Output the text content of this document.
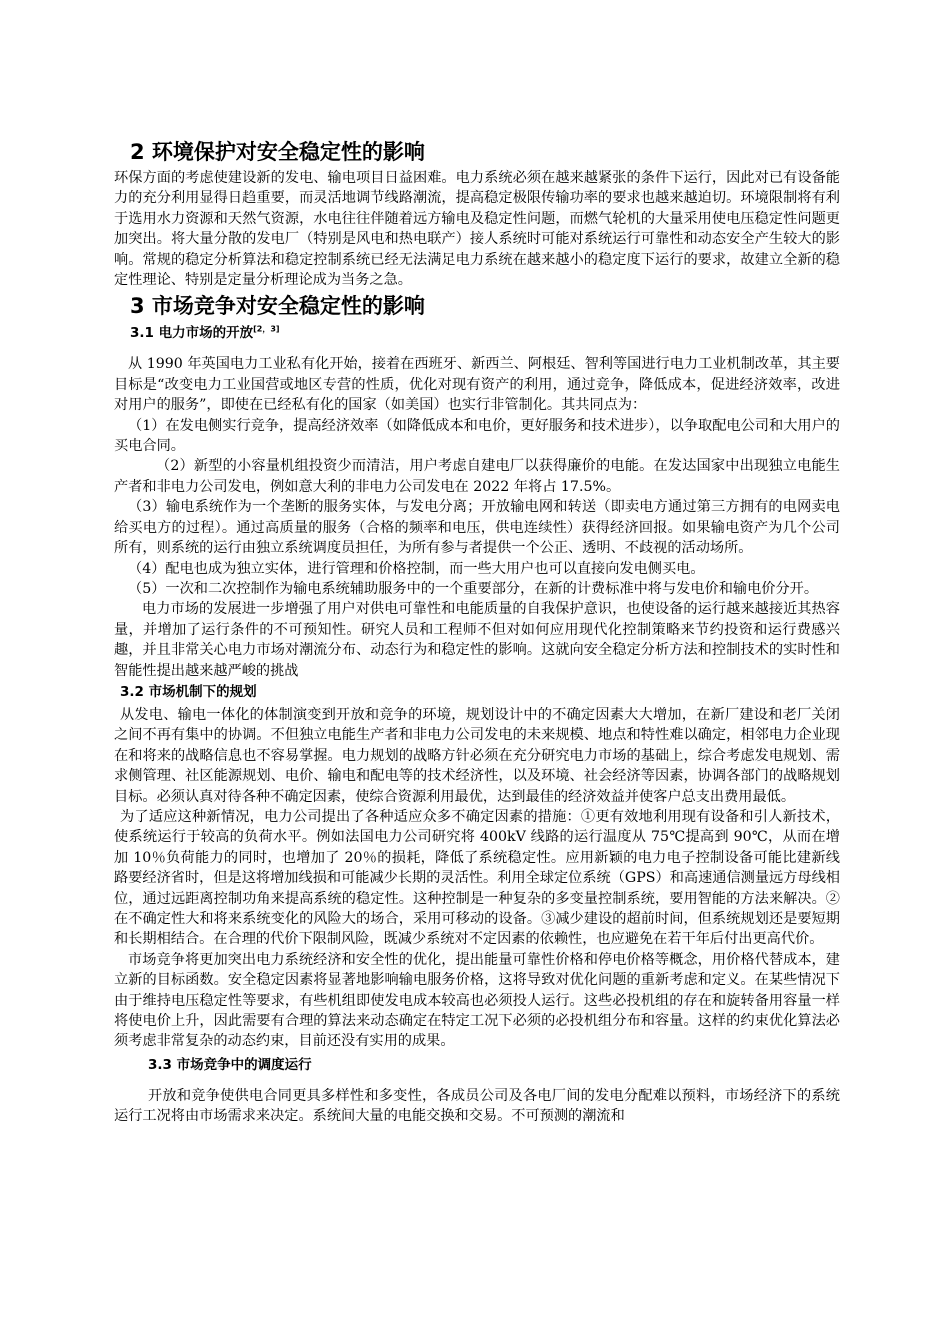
2 环境保护对安全稳定性的影响

环保方面的考虑使建设新的发电、输电项目日益困难。电力系统必须在越来越紧张的条件下运行，因此对已有设备能力的充分利用显得日趋重要，而灵活地调节线路潮流，提高稳定极限传输功率的要求也越来越迫切。环境限制将有利于选用水力资源和天然气资源，水电往往伴随着远方输电及稳定性问题，而燃气轮机的大量采用使电压稳定性问题更加突出。将大量分散的发电厂（特别是风电和热电联产）接人系统时可能对系统运行可靠性和动态安全产生较大的影响。常规的稳定分析算法和稳定控制系统已经无法满足电力系统在越来越小的稳定度下运行的要求，故建立全新的稳定性理论、特别是定量分析理论成为当务之急。

3 市场竞争对安全稳定性的影响
3.1 电力市场的开放[2，3]

从 1990 年英国电力工业私有化开始，接着在西班牙、新西兰、阿根廷、智利等国进行电力工业机制改革，其主要目标是“改变电力工业国营或地区专营的性质，优化对现有资产的利用，通过竞争，降低成本，促进经济效率，改进对用户的服务”，即使在已经私有化的国家（如美国）也实行非管制化。其共同点为：

（1）在发电侧实行竞争，提高经济效率（如降低成本和电价，更好服务和技术进步），以争取配电公司和大用户的买电合同。

（2）新型的小容量机组投资少而清洁，用户考虑自建电厂以获得廉价的电能。在发达国家中出现独立电能生产者和非电力公司发电，例如意大利的非电力公司发电在 2022 年将占 17.5%。

（3）输电系统作为一个垄断的服务实体，与发电分离；开放输电网和转送（即卖电方通过第三方拥有的电网卖电给买电方的过程）。通过高质量的服务（合格的频率和电压，供电连续性）获得经济回报。如果输电资产为几个公司所有，则系统的运行由独立系统调度员担任，为所有参与者提供一个公正、透明、不歧视的活动场所。

（4）配电也成为独立实体，进行管理和价格控制，而一些大用户也可以直接向发电侧买电。

（5）一次和二次控制作为输电系统辅助服务中的一个重要部分，在新的计费标准中将与发电价和输电价分开。

电力市场的发展进一步增强了用户对供电可靠性和电能质量的自我保护意识，也使设备的运行越来越接近其热容量，并增加了运行条件的不可预知性。研究人员和工程师不但对如何应用现代化控制策略来节约投资和运行费感兴趣，并且非常关心电力市场对潮流分布、动态行为和稳定性的影响。这就向安全稳定分析方法和控制技术的实时性和智能性提出越来越严峻的挑战

3.2 市场机制下的规划

从发电、输电一体化的体制演变到开放和竞争的环境，规划设计中的不确定因素大大增加，在新厂建设和老厂关闭之间不再有集中的协调。不但独立电能生产者和非电力公司发电的未来规模、地点和特性难以确定，相邻电力企业现在和将来的战略信息也不容易掌握。电力规划的战略方针必须在充分研究电力市场的基础上，综合考虑发电规划、需求侧管理、社区能源规划、电价、输电和配电等的技术经济性，以及环境、社会经济等因素，协调各部门的战略规划目标。必须认真对待各种不确定因素，使综合资源利用最优，达到最佳的经济效益并使客户总支出费用最低。

为了适应这种新情况，电力公司提出了各种适应众多不确定因素的措施：①更有效地利用现有设备和引人新技术，使系统运行于较高的负荷水平。例如法国电力公司研究将 400kV 线路的运行温度从 75℃提高到 90℃，从而在增加 10％负荷能力的同时，也增加了 20％的损耗，降低了系统稳定性。应用新颖的电力电子控制设备可能比建新线路要经济省时，但是这将增加线损和可能减少长期的灵活性。利用全球定位系统（GPS）和高速通信测量远方母线相位，通过远距离控制功角来提高系统的稳定性。这种控制是一种复杂的多变量控制系统，要用智能的方法来解决。②在不确定性大和将来系统变化的风险大的场合，采用可移动的设备。③减少建设的超前时间，但系统规划还是要短期和长期相结合。在合理的代价下限制风险，既减少系统对不定因素的依赖性，也应避免在若干年后付出更高代价。

市场竞争将更加突出电力系统经济和安全性的优化，提出能量可靠性价格和停电价格等概念，用价格代替成本，建立新的目标函数。安全稳定因素将显著地影响输电服务价格，这将导致对优化问题的重新考虑和定义。在某些情况下由于维持电压稳定性等要求，有些机组即使发电成本较高也必须投人运行。这些必投机组的存在和旋转备用容量一样将使电价上升，因此需要有合理的算法来动态确定在特定工况下必须的必投机组分布和容量。这样的约束优化算法必须考虑非常复杂的动态约束，目前还没有实用的成果。

3.3 市场竞争中的调度运行

开放和竞争使供电合同更具多样性和多变性，各成员公司及各电厂间的发电分配难以预料，市场经济下的系统运行工况将由市场需求来决定。系统间大量的电能交换和交易。不可预测的潮流和
